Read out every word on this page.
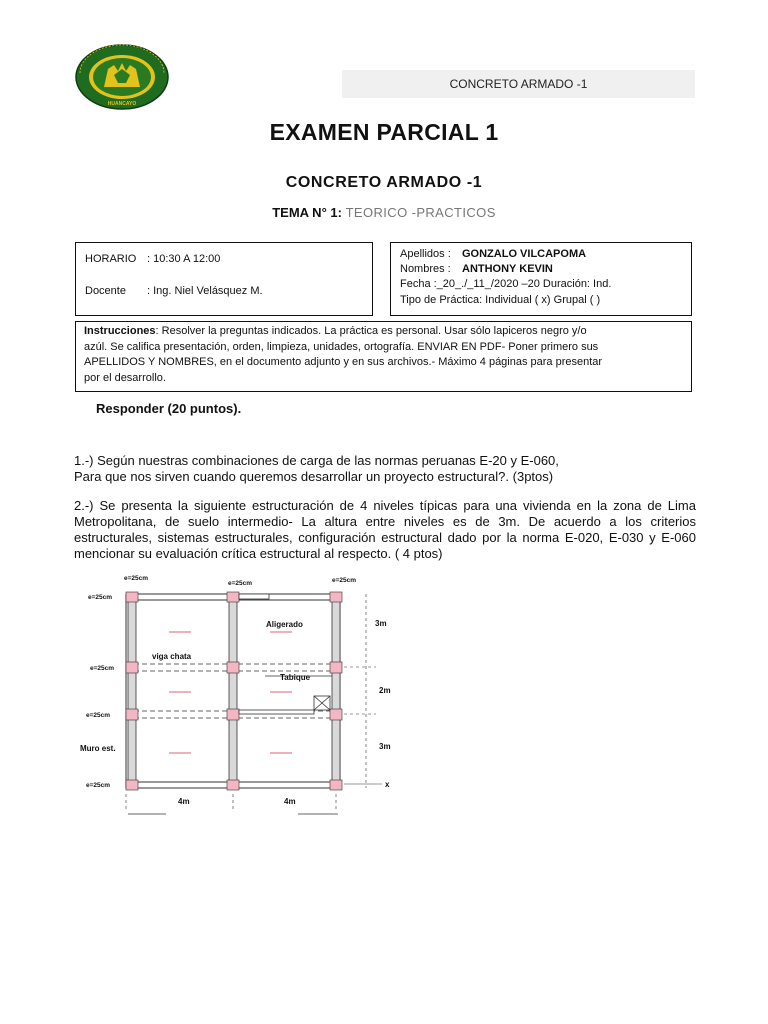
HUANCAYO
CONCRETO ARMADO -1
EXAMEN PARCIAL 1
CONCRETO ARMADO -1
TEMA N° 1: TEORICO -PRACTICOS
HORARIO : 10:30 A 12:00
Docente : Ing. Niel Velásquez M.
Apellidos : GONZALO VILCAPOMA
Nombres : ANTHONY KEVIN
Fecha :_20_./_11_/2020 –20 Duración: Ind.
Tipo de Práctica: Individual ( x) Grupal ( )
Instrucciones: Resolver la preguntas indicados. La práctica es personal. Usar sólo lapiceros negro y/o
azúl. Se califica presentación, orden, limpieza, unidades, ortografía. ENVIAR EN PDF- Poner primero sus
APELLIDOS Y NOMBRES, en el documento adjunto y en sus archivos.- Máximo 4 páginas para presentar
por el desarrollo.
Responder (20 puntos).
1.-) Según nuestras combinaciones de carga de las normas peruanas E-20 y E-060,
Para que nos sirven cuando queremos desarrollar un proyecto estructural?. (3ptos)
2.-) Se presenta la siguiente estructuración de 4 niveles típicas para una vivienda en la zona de Lima Metropolitana, de suelo intermedio- La altura entre niveles es de 3m. De acuerdo a los criterios estructurales, sistemas estructurales, configuración estructural dado por la norma E-020, E-030 y E-060 mencionar su evaluación crítica estructural al respecto. ( 4 ptos)
e=25cm
e=25cm	e=25cm
e=25cm
e=25cm
e=25cm
e=25cm
Aligerado
viga chata
Tabique
Muro est.
3m
2m
3m
4m	4m
x
